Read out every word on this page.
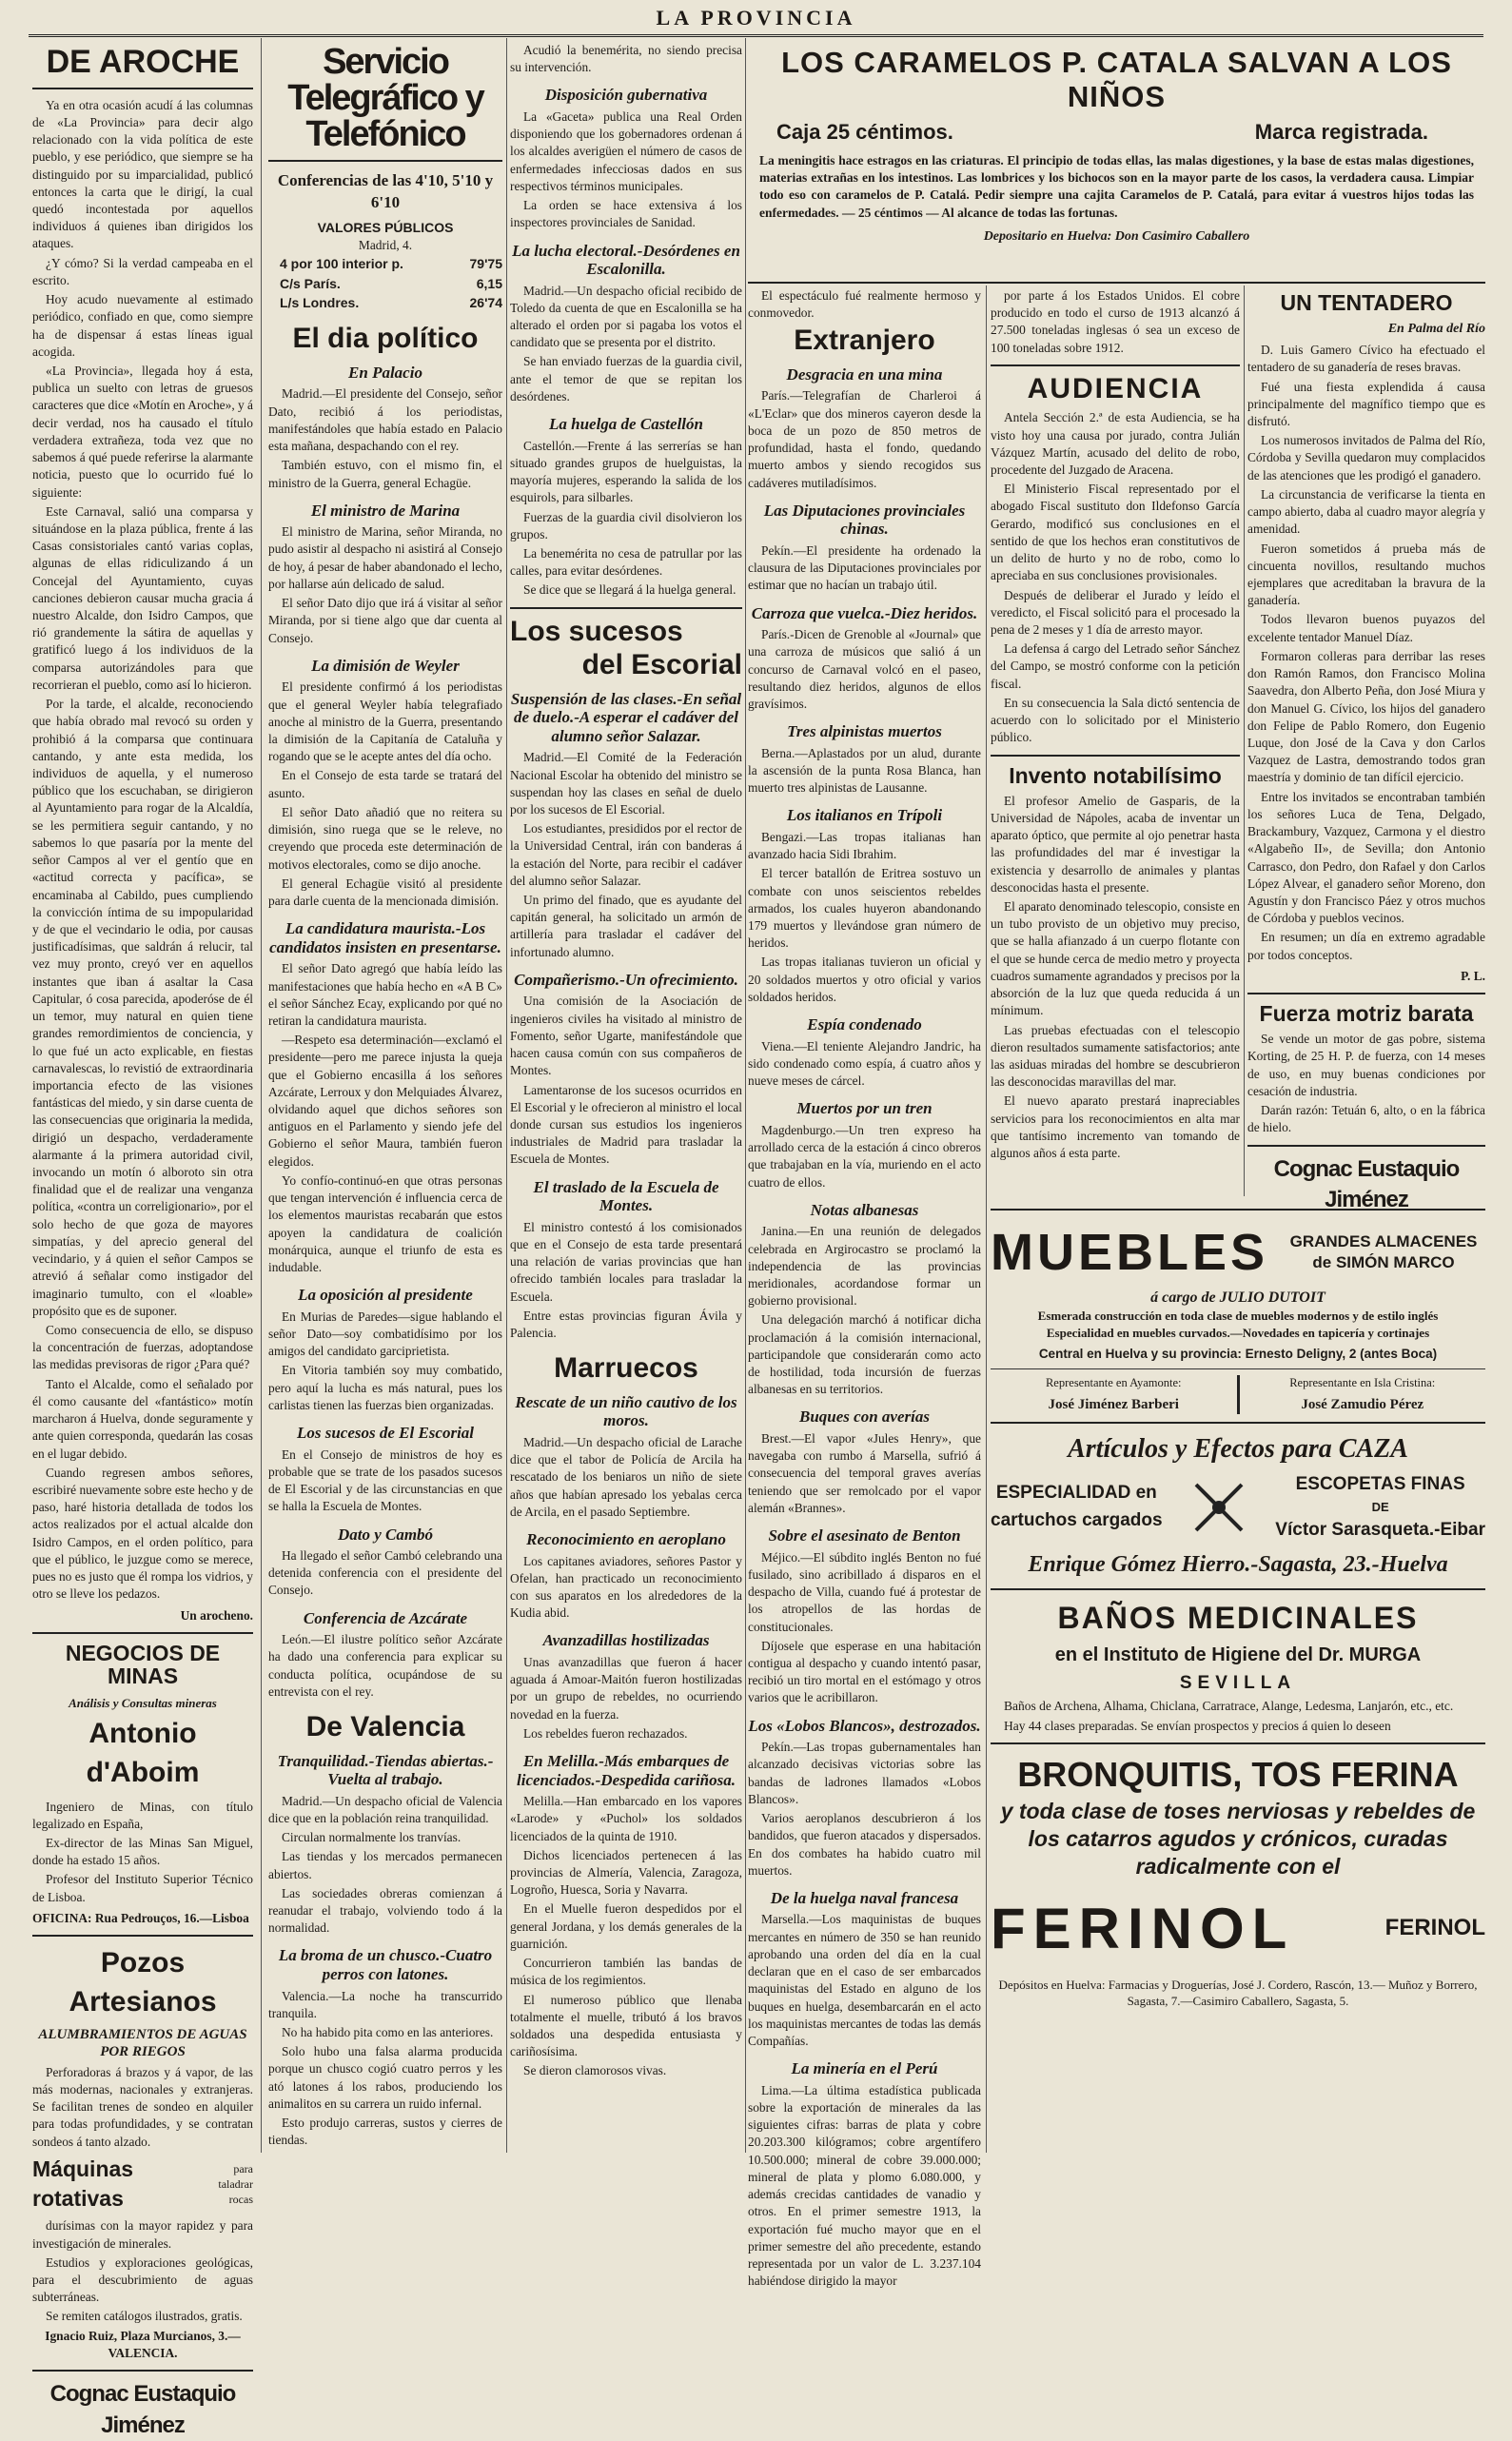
LA PROVINCIA
DE AROCHE

Ya en otra ocasión acudí á las columnas de «La Provincia» para decir algo relacionado con la vida política de este pueblo, y ese periódico, que siempre se ha distinguido por su imparcialidad, publicó entonces la carta que le dirigí, la cual quedó incontestada por aquellos individuos á quienes iban dirigidos los ataques.

¿Y cómo? Si la verdad campeaba en el escrito.

Hoy acudo nuevamente al estimado periódico, confiado en que, como siempre ha de dispensar á estas líneas igual acogida.

«La Provincia», llegada hoy á esta, publica un suelto con letras de gruesos caracteres que dice «Motín en Aroche», y á decir verdad, nos ha causado el título verdadera extrañeza, toda vez que no sabemos á qué puede referirse la alarmante noticia, puesto que lo ocurrido fué lo siguiente:

Este Carnaval, salió una comparsa y situándose en la plaza pública, frente á las Casas consistoriales cantó varias coplas, algunas de ellas ridiculizando á un Concejal del Ayuntamiento, cuyas canciones debieron causar mucha gracia á nuestro Alcalde, don Isidro Campos, que rió grandemente la sátira de aquellas y gratificó luego á los individuos de la comparsa autorizándoles para que recorrieran el pueblo, como así lo hicieron.

Por la tarde, el alcalde, reconociendo que había obrado mal revocó su orden y prohibió á la comparsa que continuara cantando, y ante esta medida, los individuos de aquella, y el numeroso público que los escuchaban, se dirigieron al Ayuntamiento para rogar de la Alcaldía, se les permitiera seguir cantando, y no sabemos lo que pasaría por la mente del señor Campos al ver el gentío que en «actitud correcta y pacífica», se encaminaba al Cabildo, pues cumpliendo la convicción íntima de su impopularidad y de que el vecindario le odia, por causas justificadísimas, que saldrán á relucir, tal vez muy pronto, creyó ver en aquellos instantes que iban á asaltar la Casa Capitular, ó cosa parecida, apoderóse de él un temor, muy natural en quien tiene grandes remordimientos de conciencia, y lo que fué un acto explicable, en fiestas carnavalescas, lo revistió de extraordinaria importancia efecto de las visiones fantásticas del miedo, y sin darse cuenta de las consecuencias que originaria la medida, dirigió un despacho, verdaderamente alarmante á la primera autoridad civil, invocando un motín ó alboroto sin otra finalidad que el de realizar una venganza política, «contra un correligionario», por el solo hecho de que goza de mayores simpatías, y del aprecio general del vecindario, y á quien el señor Campos se atrevió á señalar como instigador del imaginario tumulto, con el «loable» propósito que es de suponer.

Como consecuencia de ello, se dispuso la concentración de fuerzas, adoptandose las medidas previsoras de rigor ¿Para qué?

Tanto el Alcalde, como el señalado por él como causante del «fantástico» motín marcharon á Huelva, donde seguramente y ante quien corresponda, quedarán las cosas en el lugar debido.

Cuando regresen ambos señores, escribiré nuevamente sobre este hecho y de paso, haré historia detallada de todos los actos realizados por el actual alcalde don Isidro Campos, en el orden político, para que el público, le juzgue como se merece, pues no es justo que él rompa los vidrios, y otro se lleve los pedazos.

Un arocheno.
NEGOCIOS DE MINAS
Análisis y Consultas mineras
Antonio d'Aboim

Ingeniero de Minas, con título legalizado en España,

Ex-director de las Minas San Miguel, donde ha estado 15 años.

Profesor del Instituto Superior Técnico de Lisboa.

OFICINA: Rua Pedrouços, 16.—Lisboa
Pozos Artesianos
ALUMBRAMIENTOS DE AGUAS POR RIEGOS

Perforadoras á brazos y á vapor, de las más modernas, nacionales y extranjeras. Se facilitan trenes de sondeo en alquiler para todas profundidades, y se contratan sondeos á tanto alzado.

Máquinas rotativas
para taladrar rocas

durísimas con la mayor rapidez y para investigación de minerales.

Estudios y exploraciones geológicas, para el descubrimiento de aguas subterráneas.

Se remiten catálogos ilustrados, gratis.

Ignacio Ruiz, Plaza Murcianos, 3.—VALENCIA.
Cognac Eustaquio Jiménez
Servicio Telegráfico y Telefónico
Conferencias de las 4'10, 5'10 y 6'10
VALORES PÚBLICOS
Madrid, 4.
4 por 100 interior p.	79'75
C/s París.	6,15
L/s Londres.	26'74
El dia político
En Palacio

Madrid.—El presidente del Consejo, señor Dato, recibió á los periodistas, manifestándoles que había estado en Palacio esta mañana, despachando con el rey.

También estuvo, con el mismo fin, el ministro de la Guerra, general Echagüe.

El ministro de Marina

El ministro de Marina, señor Miranda, no pudo asistir al despacho ni asistirá al Consejo de hoy, á pesar de haber abandonado el lecho, por hallarse aún delicado de salud.

El señor Dato dijo que irá á visitar al señor Miranda, por si tiene algo que dar cuenta al Consejo.

La dimisión de Weyler

El presidente confirmó á los periodistas que el general Weyler había telegrafiado anoche al ministro de la Guerra, presentando la dimisión de la Capitanía de Cataluña y rogando que se le acepte antes del día ocho.

En el Consejo de esta tarde se tratará del asunto.

El señor Dato añadió que no reitera su dimisión, sino ruega que se le releve, no creyendo que proceda este determinación de motivos electorales, como se dijo anoche.

El general Echagüe visitó al presidente para darle cuenta de la mencionada dimisión.

La candidatura maurista.-Los candidatos insisten en presentarse.

El señor Dato agregó que había leído las manifestaciones que había hecho en «A B C» el señor Sánchez Ecay, explicando por qué no retiran la candidatura maurista.

—Respeto esa determinación—exclamó el presidente—pero me parece injusta la queja que el Gobierno encasilla á los señores Azcárate, Lerroux y don Melquiades Álvarez, olvidando aquel que dichos señores son antiguos en el Parlamento y siendo jefe del Gobierno el señor Maura, también fueron elegidos.

Yo confío-continuó-en que otras personas que tengan intervención é influencia cerca de los elementos mauristas recabarán que estos apoyen la candidatura de coalición monárquica, aunque el triunfo de esta es indudable.

La oposición al presidente

En Murias de Paredes—sigue hablando el señor Dato—soy combatidísimo por los amigos del candidato garciprietista.

En Vitoria también soy muy combatido, pero aquí la lucha es más natural, pues los carlistas tienen las fuerzas bien organizadas.

Los sucesos de El Escorial

En el Consejo de ministros de hoy es probable que se trate de los pasados sucesos de El Escorial y de las circunstancias en que se halla la Escuela de Montes.

Dato y Cambó

Ha llegado el señor Cambó celebrando una detenida conferencia con el presidente del Consejo.

Conferencia de Azcárate

León.—El ilustre político señor Azcárate ha dado una conferencia para explicar su conducta política, ocupándose de su entrevista con el rey.

De Valencia
Tranquilidad.-Tiendas abiertas.-Vuelta al trabajo.

Madrid.—Un despacho oficial de Valencia dice que en la población reina tranquilidad.

Circulan normalmente los tranvías.

Las tiendas y los mercados permanecen abiertos.

Las sociedades obreras comienzan á reanudar el trabajo, volviendo todo á la normalidad.

La broma de un chusco.-Cuatro perros con latones.

Valencia.—La noche ha transcurrido tranquila.

No ha habido pita como en las anteriores.

Solo hubo una falsa alarma producida porque un chusco cogió cuatro perros y les ató latones á los rabos, produciendo los animalitos en su carrera un ruido infernal.

Esto produjo carreras, sustos y cierres de tiendas.

Acudió la benemérita, no siendo precisa su intervención.

Disposición gubernativa

La «Gaceta» publica una Real Orden disponiendo que los gobernadores ordenan á los alcaldes averigüen el número de casos de enfermedades infecciosas dados en sus respectivos términos municipales.

La orden se hace extensiva á los inspectores provinciales de Sanidad.

La lucha electoral.-Desórdenes en Escalonilla.

Madrid.—Un despacho oficial recibido de Toledo da cuenta de que en Escalonilla se ha alterado el orden por si pagaba los votos el candidato que se presenta por el distrito.

Se han enviado fuerzas de la guardia civil, ante el temor de que se repitan los desórdenes.

La huelga de Castellón

Castellón.—Frente á las serrerías se han situado grandes grupos de huelguistas, la mayoría mujeres, esperando la salida de los esquirols, para silbarles.

Fuerzas de la guardia civil disolvieron los grupos.

La benemérita no cesa de patrullar por las calles, para evitar desórdenes.

Se dice que se llegará á la huelga general.

Los sucesos
del Escorial
Suspensión de las clases.-En señal de duelo.-A esperar el cadáver del alumno señor Salazar.

Madrid.—El Comité de la Federación Nacional Escolar ha obtenido del ministro se suspendan hoy las clases en señal de duelo por los sucesos de El Escorial.

Los estudiantes, presididos por el rector de la Universidad Central, irán con banderas á la estación del Norte, para recibir el cadáver del alumno señor Salazar.

Un primo del finado, que es ayudante del capitán general, ha solicitado un armón de artillería para trasladar el cadáver del infortunado alumno.

Compañerismo.-Un ofrecimiento.

Una comisión de la Asociación de ingenieros civiles ha visitado al ministro de Fomento, señor Ugarte, manifestándole que hacen causa común con sus compañeros de Montes.

Lamentaronse de los sucesos ocurridos en El Escorial y le ofrecieron al ministro el local donde cursan sus estudios los ingenieros industriales de Madrid para trasladar la Escuela de Montes.

El traslado de la Escuela de Montes.

El ministro contestó á los comisionados que en el Consejo de esta tarde presentará una relación de varias provincias que han ofrecido también locales para trasladar la Escuela.

Entre estas provincias figuran Ávila y Palencia.

Marruecos
Rescate de un niño cautivo de los moros.

Madrid.—Un despacho oficial de Larache dice que el tabor de Policía de Arcila ha rescatado de los beniaros un niño de siete años que habían apresado los yebalas cerca de Arcila, en el pasado Septiembre.

Reconocimiento en aeroplano

Los capitanes aviadores, señores Pastor y Ofelan, han practicado un reconocimiento con sus aparatos en los alrededores de la Kudia abid.

Avanzadillas hostilizadas

Unas avanzadillas que fueron á hacer aguada á Amoar-Maitón fueron hostilizadas por un grupo de rebeldes, no ocurriendo novedad en la fuerza.

Los rebeldes fueron rechazados.

En Melilla.-Más embarques de licenciados.-Despedida cariñosa.

Melilla.—Han embarcado en los vapores «Larode» y «Puchol» los soldados licenciados de la quinta de 1910.

Dichos licenciados pertenecen á las provincias de Almería, Valencia, Zaragoza, Logroño, Huesca, Soria y Navarra.

En el Muelle fueron despedidos por el general Jordana, y los demás generales de la guarnición.

Concurrieron también las bandas de música de los regimientos.

El numeroso público que llenaba totalmente el muelle, tributó á los bravos soldados una despedida entusiasta y cariñosísima.

Se dieron clamorosos vivas.

LOS CARAMELOS P. CATALA SALVAN A LOS NIÑOS
Caja 25 céntimos.	Marca registrada.
La meningitis hace estragos en las criaturas. El principio de todas ellas, las malas digestiones, y la base de estas malas digestiones, materias extrañas en los intestinos. Las lombrices y los bichocos son en la mayor parte de los casos, la verdadera causa. Limpiar todo eso con caramelos de P. Catalá. Pedir siempre una cajita Caramelos de P. Catalá, para evitar á vuestros hijos todas las enfermedades. — 25 céntimos — Al alcance de todas las fortunas.
Depositario en Huelva: Don Casimiro Caballero

El espectáculo fué realmente hermoso y conmovedor.

Extranjero
Desgracia en una mina

París.—Telegrafían de Charleroi á «L'Eclar» que dos mineros cayeron desde la boca de un pozo de 850 metros de profundidad, hasta el fondo, quedando muerto ambos y siendo recogidos sus cadáveres mutiladísimos.

Las Diputaciones provinciales chinas.

Pekín.—El presidente ha ordenado la clausura de las Diputaciones provinciales por estimar que no hacían un trabajo útil.

Carroza que vuelca.-Diez heridos.

París.-Dicen de Grenoble al «Journal» que una carroza de músicos que salió á un concurso de Carnaval volcó en el paseo, resultando diez heridos, algunos de ellos gravísimos.

Tres alpinistas muertos

Berna.—Aplastados por un alud, durante la ascensión de la punta Rosa Blanca, han muerto tres alpinistas de Lausanne.

Los italianos en Trípoli

Bengazi.—Las tropas italianas han avanzado hacia Sidi Ibrahim.

El tercer batallón de Eritrea sostuvo un combate con unos seiscientos rebeldes armados, los cuales huyeron abandonando 179 muertos y llevándose gran número de heridos.

Las tropas italianas tuvieron un oficial y 20 soldados muertos y otro oficial y varios soldados heridos.

Espía condenado

Viena.—El teniente Alejandro Jandric, ha sido condenado como espía, á cuatro años y nueve meses de cárcel.

Muertos por un tren

Magdenburgo.—Un tren expreso ha arrollado cerca de la estación á cinco obreros que trabajaban en la vía, muriendo en el acto cuatro de ellos.

Notas albanesas

Janina.—En una reunión de delegados celebrada en Argirocastro se proclamó la independencia de las provincias meridionales, acordandose formar un gobierno provisional.

Una delegación marchó á notificar dicha proclamación á la comisión internacional, participandole que considerarán como acto de hostilidad, toda incursión de fuerzas albanesas en su territorios.

Buques con averías

Brest.—El vapor «Jules Henry», que navegaba con rumbo á Marsella, sufrió á consecuencia del temporal graves averías teniendo que ser remolcado por el vapor alemán «Brannes».

Sobre el asesinato de Benton

Méjico.—El súbdito inglés Benton no fué fusilado, sino acribillado á disparos en el despacho de Villa, cuando fué á protestar de los atropellos de las hordas de constitucionales.

Díjosele que esperase en una habitación contigua al despacho y cuando intentó pasar, recibió un tiro mortal en el estómago y otros varios que le acribillaron.

Los «Lobos Blancos», destrozados.

Pekín.—Las tropas gubernamentales han alcanzado decisivas victorias sobre las bandas de ladrones llamados «Lobos Blancos».

Varios aeroplanos descubrieron á los bandidos, que fueron atacados y dispersados. En dos combates ha habido cuatro mil muertos.

De la huelga naval francesa

Marsella.—Los maquinistas de buques mercantes en número de 350 se han reunido aprobando una orden del día en la cual declaran que en el caso de ser embarcados maquinistas del Estado en alguno de los buques en huelga, desembarcarán en el acto los maquinistas mercantes de todas las demás Compañías.

La minería en el Perú

Lima.—La última estadística publicada sobre la exportación de minerales da las siguientes cifras: barras de plata y cobre 20.203.300 kilógramos; cobre argentífero 10.500.000; mineral de cobre 39.000.000; mineral de plata y plomo 6.080.000, y además crecidas cantidades de vanadio y otros. En el primer semestre 1913, la exportación fué mucho mayor que en el primer semestre del año precedente, estando representada por un valor de L. 3.237.104 habiéndose dirigido la mayor

por parte á los Estados Unidos. El cobre producido en todo el curso de 1913 alcanzó á 27.500 toneladas inglesas ó sea un exceso de 100 toneladas sobre 1912.

AUDIENCIA

Antela Sección 2.ª de esta Audiencia, se ha visto hoy una causa por jurado, contra Julián Vázquez Martín, acusado del delito de robo, procedente del Juzgado de Aracena.

El Ministerio Fiscal representado por el abogado Fiscal sustituto don Ildefonso García Gerardo, modificó sus conclusiones en el sentido de que los hechos eran constitutivos de un delito de hurto y no de robo, como lo apreciaba en sus conclusiones provisionales.

Después de deliberar el Jurado y leído el veredicto, el Fiscal solicitó para el procesado la pena de 2 meses y 1 día de arresto mayor.

La defensa á cargo del Letrado señor Sánchez del Campo, se mostró conforme con la petición fiscal.

En su consecuencia la Sala dictó sentencia de acuerdo con lo solicitado por el Ministerio público.

Invento notabilísimo

El profesor Amelio de Gasparis, de la Universidad de Nápoles, acaba de inventar un aparato óptico, que permite al ojo penetrar hasta las profundidades del mar é investigar la existencia y desarrollo de animales y plantas desconocidas hasta el presente.

El aparato denominado telescopio, consiste en un tubo provisto de un objetivo muy preciso, que se halla afianzado á un cuerpo flotante con el que se hunde cerca de medio metro y proyecta cuadros sumamente agrandados y precisos por la absorción de la luz que queda reducida á un mínimum.

Las pruebas efectuadas con el telescopio dieron resultados sumamente satisfactorios; ante las asiduas miradas del hombre se descubrieron las desconocidas maravillas del mar.

El nuevo aparato prestará inapreciables servicios para los reconocimientos en alta mar que tantísimo incremento van tomando de algunos años á esta parte.

UN TENTADERO
En Palma del Río

D. Luis Gamero Cívico ha efectuado el tentadero de su ganadería de reses bravas.

Fué una fiesta explendida á causa principalmente del magnífico tiempo que es disfrutó.

Los numerosos invitados de Palma del Río, Córdoba y Sevilla quedaron muy complacidos de las atenciones que les prodigó el ganadero.

La circunstancia de verificarse la tienta en campo abierto, daba al cuadro mayor alegría y amenidad.

Fueron sometidos á prueba más de cincuenta novillos, resultando muchos ejemplares que acreditaban la bravura de la ganadería.

Todos llevaron buenos puyazos del excelente tentador Manuel Díaz.

Formaron colleras para derribar las reses don Ramón Ramos, don Francisco Molina Saavedra, don Alberto Peña, don José Miura y don Manuel G. Cívico, los hijos del ganadero don Felipe de Pablo Romero, don Eugenio Luque, don José de la Cava y don Carlos Vazquez de Lastra, demostrando todos gran maestría y dominio de tan difícil ejercicio.

Entre los invitados se encontraban también los señores Luca de Tena, Delgado, Brackambury, Vazquez, Carmona y el diestro «Algabeño II», de Sevilla; don Antonio Carrasco, don Pedro, don Rafael y don Carlos López Alvear, el ganadero señor Moreno, don Agustín y don Francisco Páez y otros muchos de Córdoba y pueblos vecinos.

En resumen; un día en extremo agradable por todos conceptos.

P. L.
Fuerza motriz barata

Se vende un motor de gas pobre, sistema Korting, de 25 H. P. de fuerza, con 14 meses de uso, en muy buenas condiciones por cesación de industria.

Darán razón: Tetuán 6, alto, o en la fábrica de hielo.

Cognac Eustaquio Jiménez
MUEBLES	GRANDES ALMACENES de SIMÓN MARCO
á cargo de JULIO DUTOIT
Esmerada construcción en toda clase de muebles modernos y de estilo inglés
Especialidad en muebles curvados.—Novedades en tapicería y cortinajes
Central en Huelva y su provincia: Ernesto Deligny, 2 (antes Boca)
Representante en Ayamonte:
José Jiménez Barberi
Representante en Isla Cristina:
José Zamudio Pérez
Artículos y Efectos para CAZA
ESPECIALIDAD en
cartuchos cargados
ESCOPETAS FINAS
DE
Víctor Sarasqueta.-Eibar
Enrique Gómez Hierro.-Sagasta, 23.-Huelva
BAÑOS MEDICINALES
en el Instituto de Higiene del Dr. MURGA
SEVILLA

Baños de Archena, Alhama, Chiclana, Carratrace, Alange, Ledesma, Lanjarón, etc., etc.

Hay 44 clases preparadas. Se envían prospectos y precios á quien lo deseen

BRONQUITIS, TOS FERINA
y toda clase de toses nerviosas y rebeldes de los catarros agudos y crónicos, curadas radicalmente con el
FERINOL	FERINOL
Depósitos en Huelva: Farmacias y Droguerías, José J. Cordero, Rascón, 13.— Muñoz y Borrero, Sagasta, 7.—Casimiro Caballero, Sagasta, 5.
